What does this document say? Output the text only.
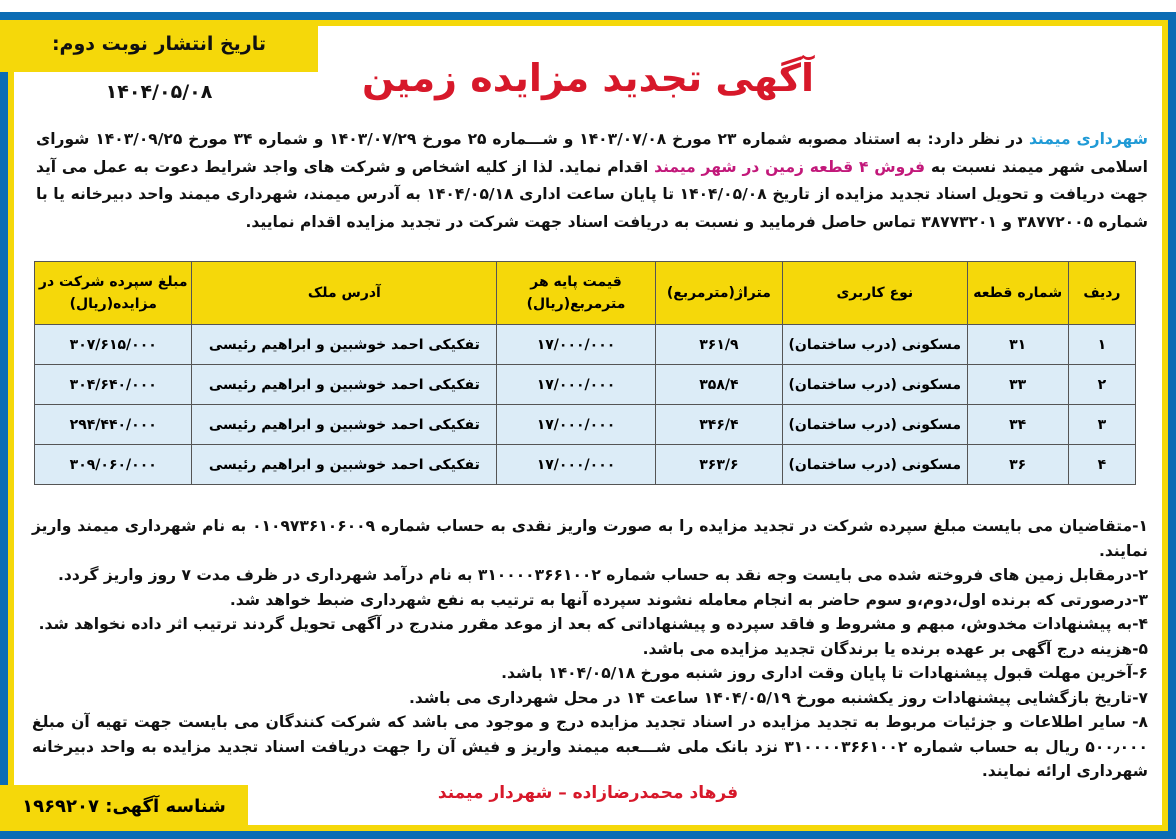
تاریخ انتشار نوبت دوم: ۱۴۰۴/۰۵/۰۸	آگهی تجدید مزایده زمین

شهرداری میمند در نظر دارد: به استناد مصوبه شماره ۲۳ مورخ ۱۴۰۳/۰۷/۰۸ و شـــماره ۲۵ مورخ ۱۴۰۳/۰۷/۲۹ و شماره ۳۴ مورخ ۱۴۰۳/۰۹/۲۵ شورای اسلامی شهر میمند نسبت به فروش ۴ قطعه زمین در شهر میمند اقدام نماید. لذا از کلیه اشخاص و شرکت های واجد شرایط دعوت به عمل می آید جهت دریافت و تحویل اسناد تجدید مزایده از تاریخ ۱۴۰۴/۰۵/۰۸ تا پایان ساعت اداری ۱۴۰۴/۰۵/۱۸ به آدرس میمند، شهرداری میمند واحد دبیرخانه یا با شماره ۳۸۷۷۲۰۰۵ و ۳۸۷۷۳۲۰۱ تماس حاصل فرمایید و نسبت به دریافت اسناد جهت شرکت در تجدید مزایده اقدام نمایید.

ردیف	شماره قطعه	نوع کاربری	متراژ(مترمربع)	قیمت پایه هر مترمربع(ریال)	آدرس ملک	مبلغ سپرده شرکت در مزایده(ریال)
۱	۳۱	مسکونی (درب ساختمان)	۳۶۱/۹	۱۷/۰۰۰/۰۰۰	تفکیکی احمد خوشبین و ابراهیم رئیسی	۳۰۷/۶۱۵/۰۰۰
۲	۳۳	مسکونی (درب ساختمان)	۳۵۸/۴	۱۷/۰۰۰/۰۰۰	تفکیکی احمد خوشبین و ابراهیم رئیسی	۳۰۴/۶۴۰/۰۰۰
۳	۳۴	مسکونی (درب ساختمان)	۳۴۶/۴	۱۷/۰۰۰/۰۰۰	تفکیکی احمد خوشبین و ابراهیم رئیسی	۲۹۴/۴۴۰/۰۰۰
۴	۳۶	مسکونی (درب ساختمان)	۳۶۳/۶	۱۷/۰۰۰/۰۰۰	تفکیکی احمد خوشبین و ابراهیم رئیسی	۳۰۹/۰۶۰/۰۰۰
۱-متقاضیان می بایست مبلغ سپرده شرکت در تجدید مزایده را به صورت واریز نقدی به حساب شماره ۰۱۰۹۷۳۶۱۰۶۰۰۹ به نام شهرداری میمند واریز نمایند.
۲-درمقابل زمین های فروخته شده می بایست وجه نقد به حساب شماره ۳۱۰۰۰۰۳۶۶۱۰۰۲ به نام درآمد شهرداری در ظرف مدت ۷ روز واریز گردد.
۳-درصورتی که برنده اول،دوم،و سوم حاضر به انجام معامله نشوند سپرده آنها به ترتیب به نفع شهرداری ضبط خواهد شد.
۴-به پیشنهادات مخدوش، مبهم و مشروط و فاقد سپرده و پیشنهاداتی که بعد از موعد مقرر مندرج در آگهی تحویل گردند ترتیب اثر داده نخواهد شد.
۵-هزینه درج آگهی بر عهده برنده یا برندگان تجدید مزایده می باشد.
۶-آخرین مهلت قبول پیشنهادات تا پایان وقت اداری روز شنبه مورخ ۱۴۰۴/۰۵/۱۸ باشد.
۷-تاریخ بازگشایی پیشنهادات روز یکشنبه مورخ ۱۴۰۴/۰۵/۱۹ ساعت ۱۴ در محل شهرداری می باشد.
۸- سایر اطلاعات و جزئیات مربوط به تجدید مزایده در اسناد تجدید مزایده درج و موجود می باشد که شرکت کنندگان می بایست جهت تهیه آن مبلغ ۵۰۰٫۰۰۰ ریال به حساب شماره ۳۱۰۰۰۰۳۶۶۱۰۰۲ نزد بانک ملی شـــعبه میمند واریز و فیش آن را جهت دریافت اسناد تجدید مزایده به واحد دبیرخانه شهرداری ارائه نمایند.
فرهاد محمدرضازاده – شهردار میمند
شناسه آگهی: ۱۹۶۹۲۰۷
